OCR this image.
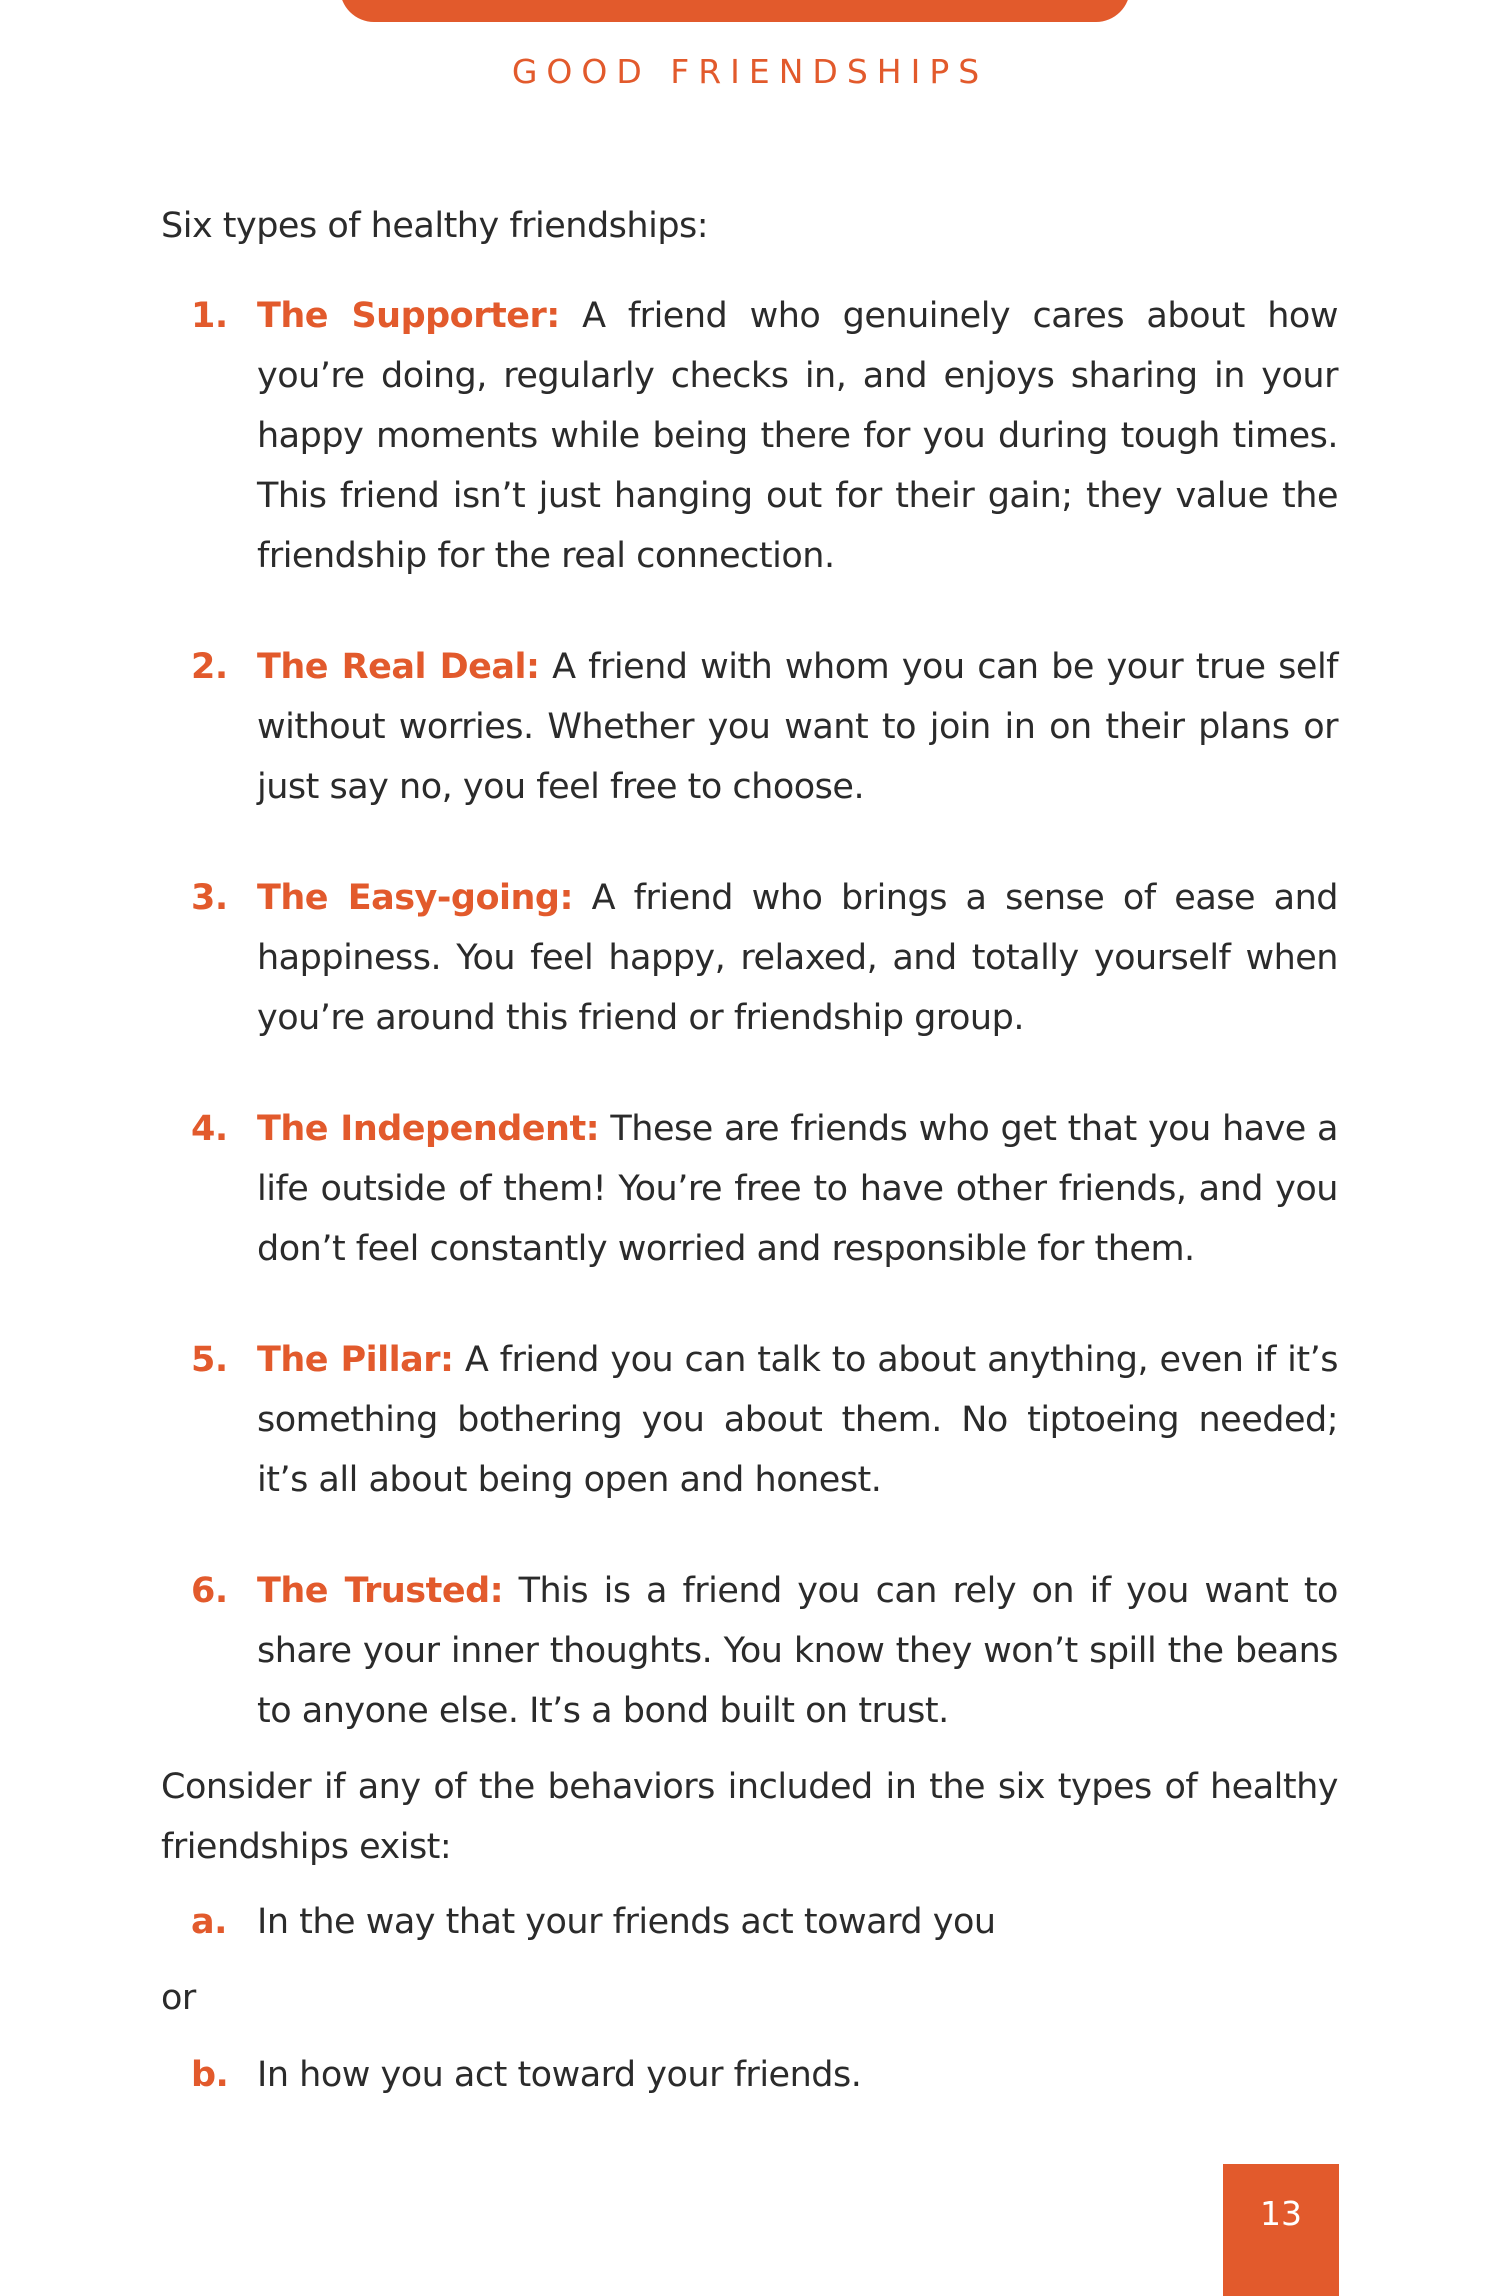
GOOD FRIENDSHIPS

Six types of healthy friendships:

1. The Supporter: A friend who genuinely cares about how you’re doing, regularly checks in, and enjoys sharing in your happy moments while being there for you during tough times. This friend isn’t just hanging out for their gain; they value the friendship for the real connection.
2. The Real Deal: A friend with whom you can be your true self without worries. Whether you want to join in on their plans or just say no, you feel free to choose.
3. The Easy-going: A friend who brings a sense of ease and happiness. You feel happy, relaxed, and totally yourself when you’re around this friend or friendship group.
4. The Independent: These are friends who get that you have a life outside of them! You’re free to have other friends, and you don’t feel constantly worried and responsible for them.
5. The Pillar: A friend you can talk to about anything, even if it’s something bothering you about them. No tiptoeing needed; it’s all about being open and honest.
6. The Trusted: This is a friend you can rely on if you want to share your inner thoughts. You know they won’t spill the beans to anyone else. It’s a bond built on trust.

Consider if any of the behaviors included in the six types of healthy friendships exist:

a. In the way that your friends act toward you

or

b. In how you act toward your friends.

13
